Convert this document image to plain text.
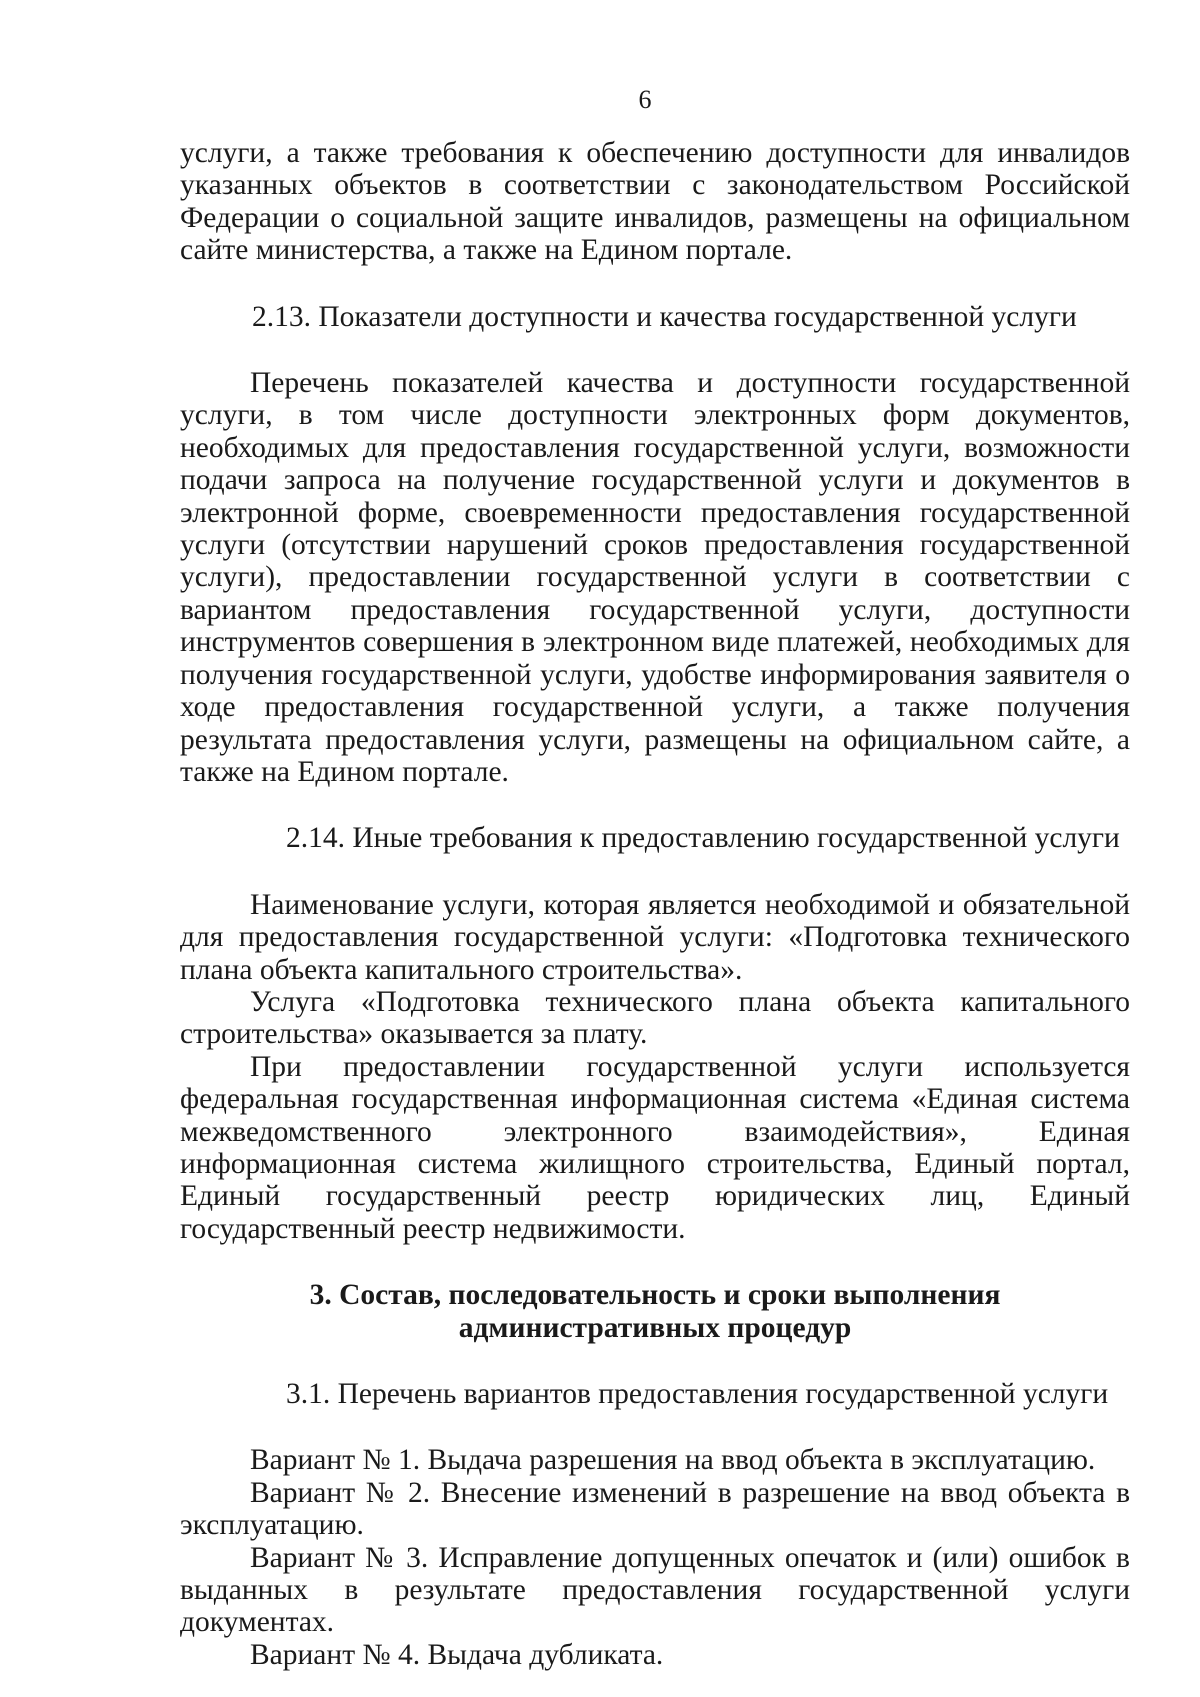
6

услуги, а также требования к обеспечению доступности для инвалидов указанных объектов в соответствии с законодательством Российской Федерации о социальной защите инвалидов, размещены на официальном сайте министерства, а также на Едином портале.

2.13. Показатели доступности и качества государственной услуги

Перечень показателей качества и доступности государственной услуги, в том числе доступности электронных форм документов, необходимых для предоставления государственной услуги, возможности подачи запроса на получение государственной услуги и документов в электронной форме, своевременности предоставления государственной услуги (отсутствии нарушений сроков предоставления государственной услуги), предоставлении государственной услуги в соответствии с вариантом предоставления государственной услуги, доступности инструментов совершения в электронном виде платежей, необходимых для получения государственной услуги, удобстве информирования заявителя о ходе предоставления государственной услуги, а также получения результата предоставления услуги, размещены на официальном сайте, а также на Едином портале.

2.14. Иные требования к предоставлению государственной услуги

Наименование услуги, которая является необходимой и обязательной для предоставления государственной услуги: «Подготовка технического плана объекта капитального строительства».

Услуга «Подготовка технического плана объекта капитального строительства» оказывается за плату.

При предоставлении государственной услуги используется федеральная государственная информационная система «Единая система межведомственного электронного взаимодействия», Единая информационная система жилищного строительства, Единый портал, Единый государственный реестр юридических лиц, Единый государственный реестр недвижимости.

3. Состав, последовательность и сроки выполнения
административных процедур

3.1. Перечень вариантов предоставления государственной услуги

Вариант № 1. Выдача разрешения на ввод объекта в эксплуатацию.

Вариант № 2. Внесение изменений в разрешение на ввод объекта в эксплуатацию.

Вариант № 3. Исправление допущенных опечаток и (или) ошибок в выданных в результате предоставления государственной услуги документах.

Вариант № 4. Выдача дубликата.
